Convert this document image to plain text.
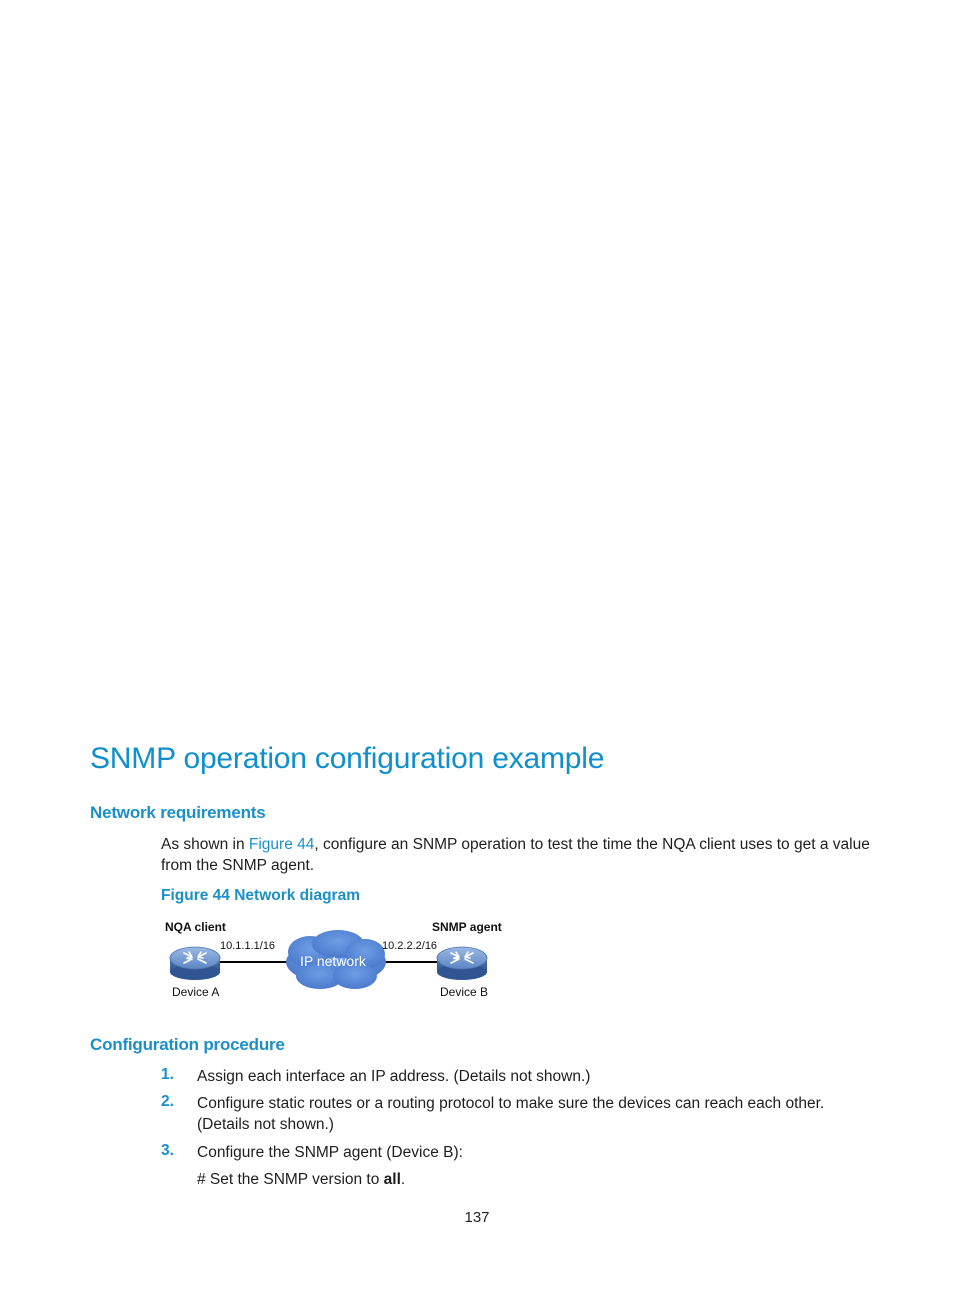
SNMP operation configuration example
Network requirements
As shown in Figure 44, configure an SNMP operation to test the time the NQA client uses to get a value from the SNMP agent.
Figure 44 Network diagram
NQA client	SNMP agent
10.1.1.1/16	10.2.2.2/16
IP network
Device A	Device B
Configuration procedure
1. Assign each interface an IP address. (Details not shown.)
2. Configure static routes or a routing protocol to make sure the devices can reach each other. (Details not shown.)
3. Configure the SNMP agent (Device B):
# Set the SNMP version to all.
137
